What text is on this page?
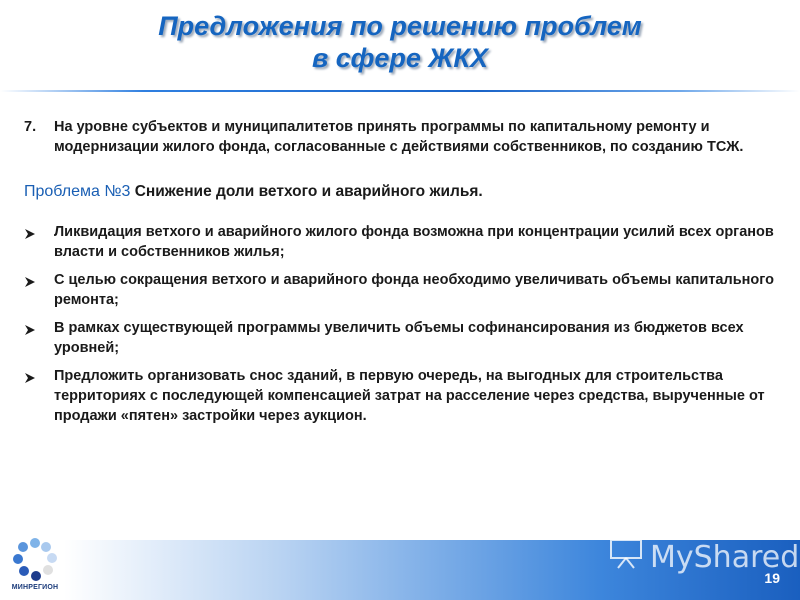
Предложения по решению проблем
в сфере ЖКХ
7.	На уровне субъектов и муниципалитетов принять программы по капитальному ремонту и модернизации жилого фонда, согласованные с действиями собственников, по созданию ТСЖ.
Проблема №3 Снижение доли ветхого и аварийного жилья.
Ликвидация ветхого и аварийного жилого фонда возможна при концентрации усилий всех органов власти и собственников жилья;
С целью сокращения ветхого и аварийного фонда необходимо увеличивать объемы капитального ремонта;
В рамках существующей программы увеличить объемы софинансирования из бюджетов всех уровней;
Предложить организовать снос зданий, в первую очередь, на выгодных для строительства территориях с последующей компенсацией затрат на расселение через средства, вырученные от продажи «пятен» застройки через аукцион.
МИНРЕГИОН
MyShared
19
